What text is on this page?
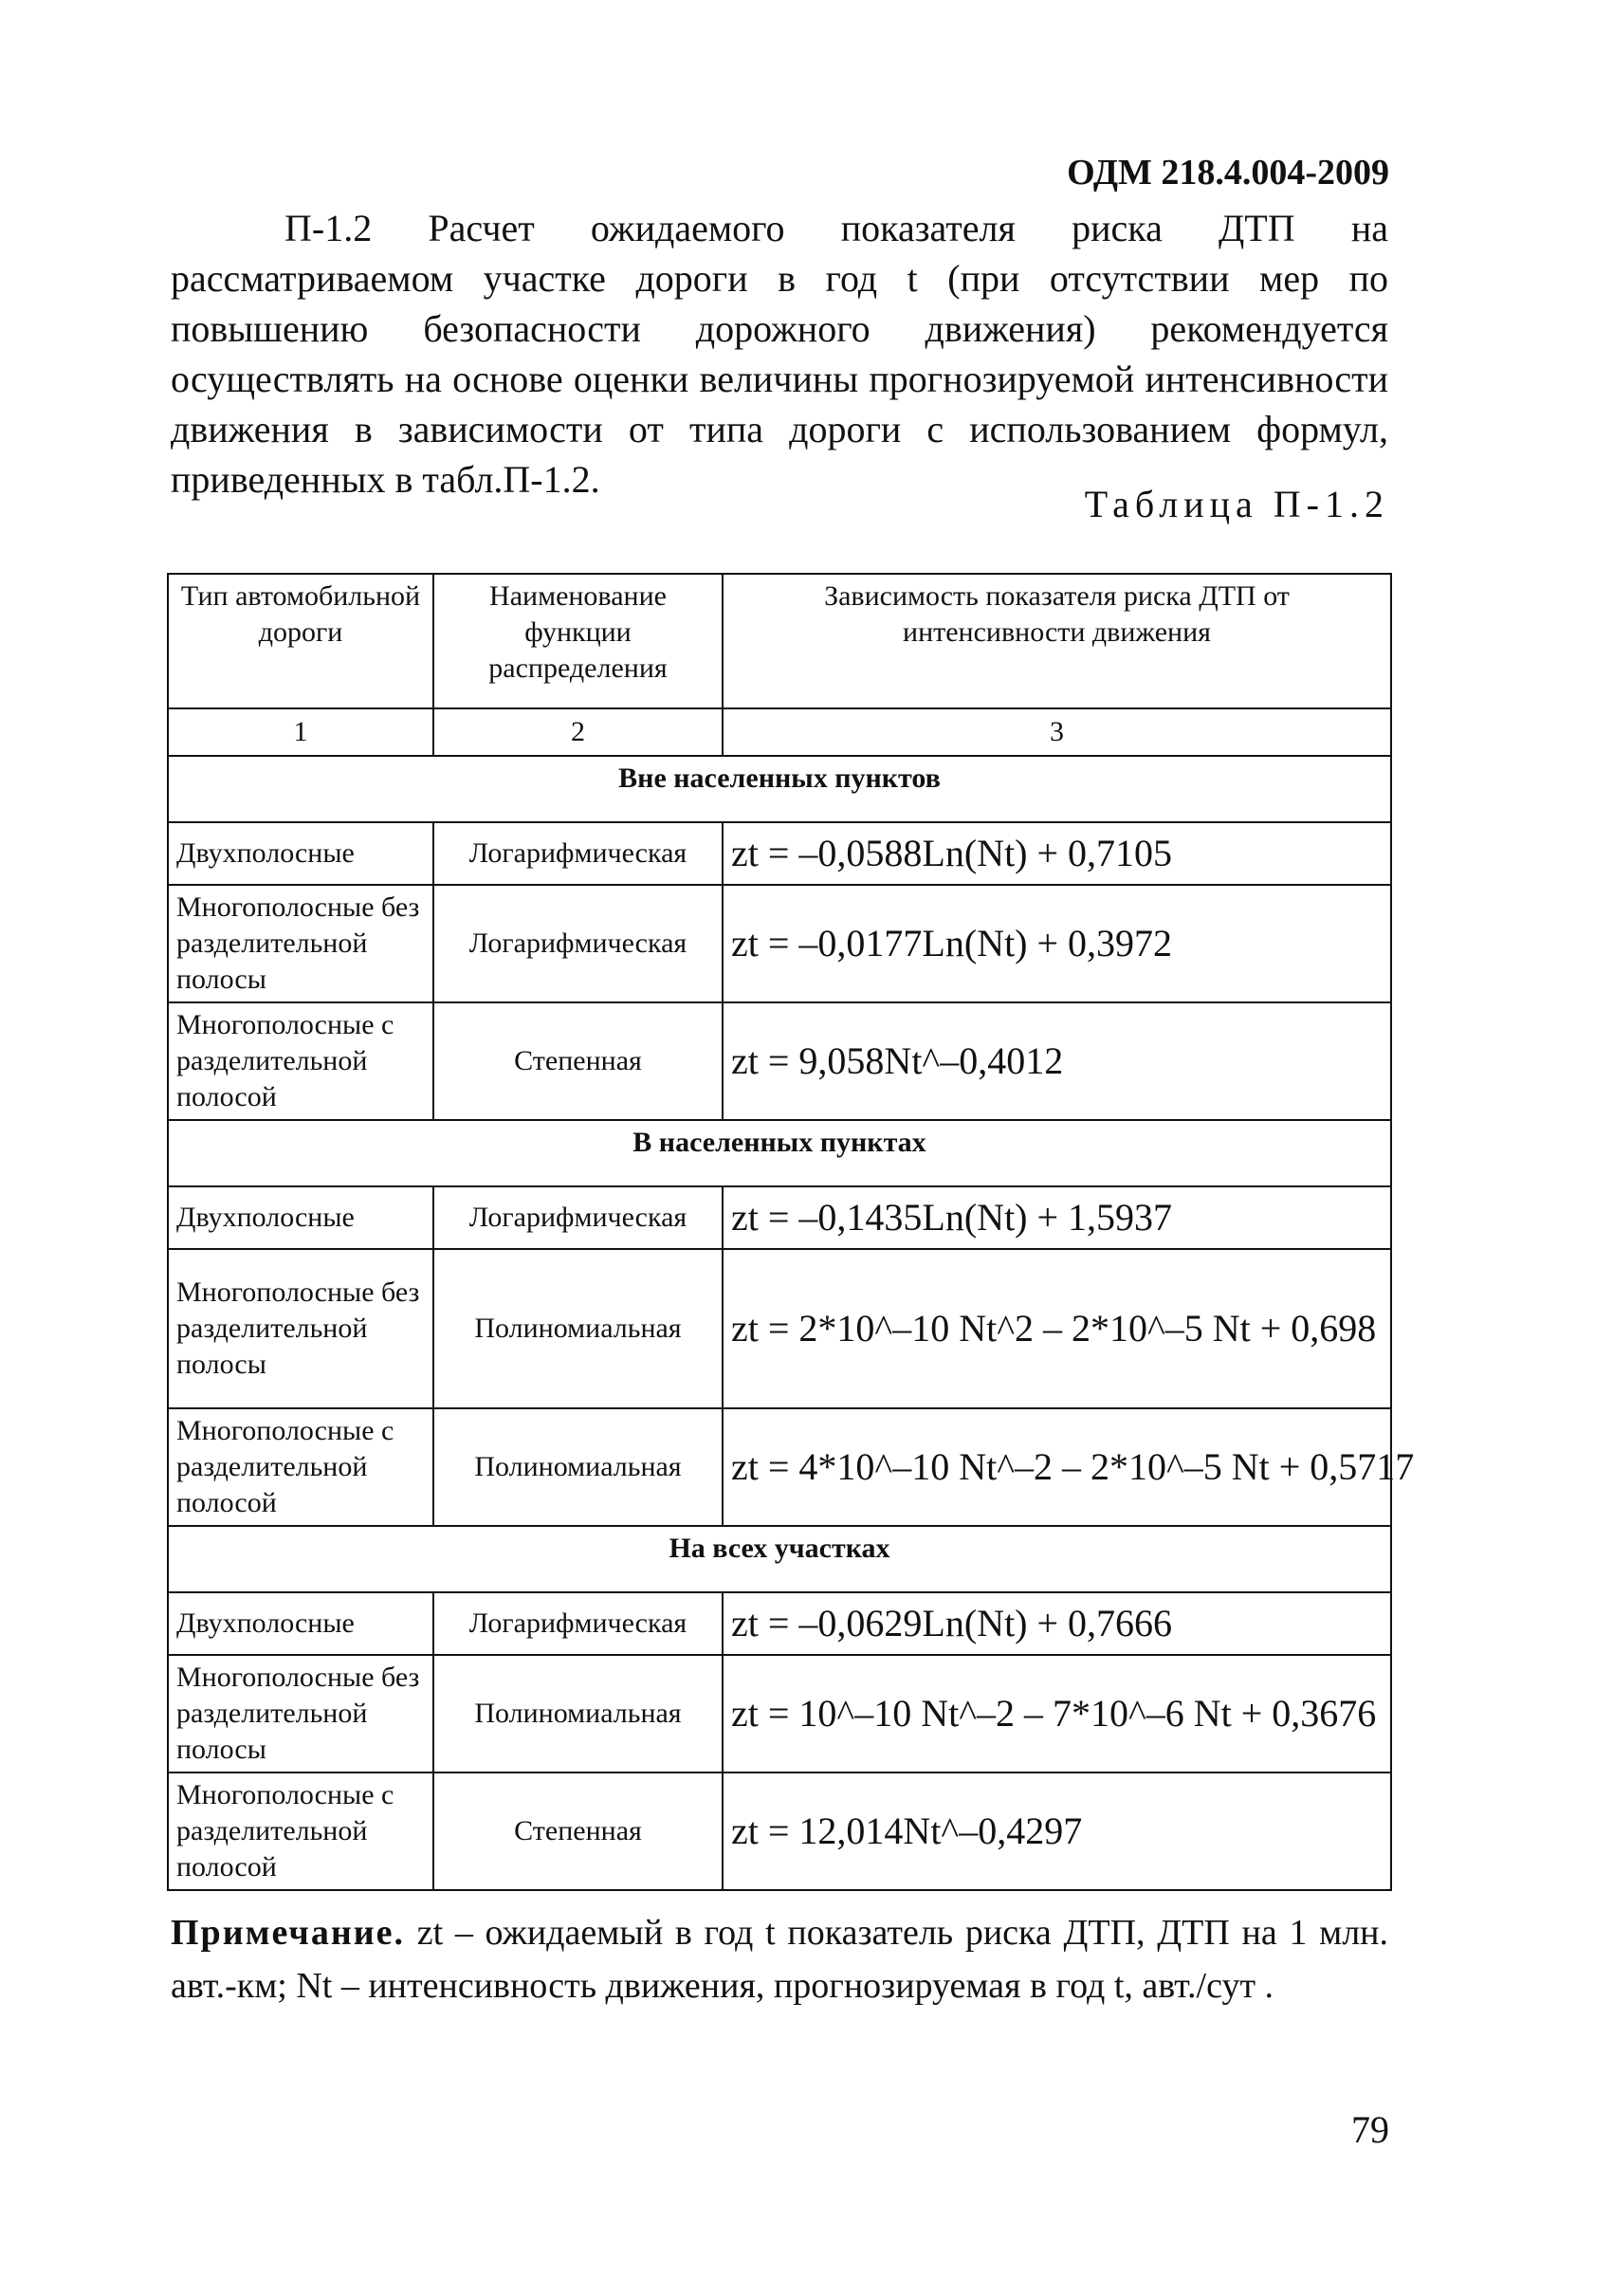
ОДМ 218.4.004-2009
П-1.2 Расчет ожидаемого показателя риска ДТП на рассматриваемом участке дороги в год t (при отсутствии мер по повышению безопасности дорожного движения) рекомендуется осуществлять на основе оценки величины прогнозируемой интенсивности движения в зависимости от типа дороги с использованием формул, приведенных в табл.П-1.2.
Таблица П-1.2
Тип автомобильной дороги	Наименование функции распределения	Зависимость показателя риска ДТП от интенсивности движения
1	2	3
Вне населенных пунктов		
Двухполосные	Логарифмическая	zt = –0,0588Ln(Nt) + 0,7105
Многополосные без разделительной полосы	Логарифмическая	zt = –0,0177Ln(Nt) + 0,3972
Многополосные с разделительной полосой	Степенная	zt = 9,058Nt^–0,4012
В населенных пунктах		
Двухполосные	Логарифмическая	zt = –0,1435Ln(Nt) + 1,5937
Многополосные без разделительной полосы	Полиномиальная	zt = 2*10^–10 Nt^2 – 2*10^–5 Nt + 0,698
Многополосные с разделительной полосой	Полиномиальная	zt = 4*10^–10 Nt^–2 – 2*10^–5 Nt + 0,5717
На всех участках		
Двухполосные	Логарифмическая	zt = –0,0629Ln(Nt) + 0,7666
Многополосные без разделительной полосы	Полиномиальная	zt = 10^–10 Nt^–2 – 7*10^–6 Nt + 0,3676
Многополосные с разделительной полосой	Степенная	zt = 12,014Nt^–0,4297
Примечание. zt – ожидаемый в год t показатель риска ДТП, ДТП на 1 млн. авт.-км; Nt – интенсивность движения, прогнозируемая в год t, авт./сут .
79
